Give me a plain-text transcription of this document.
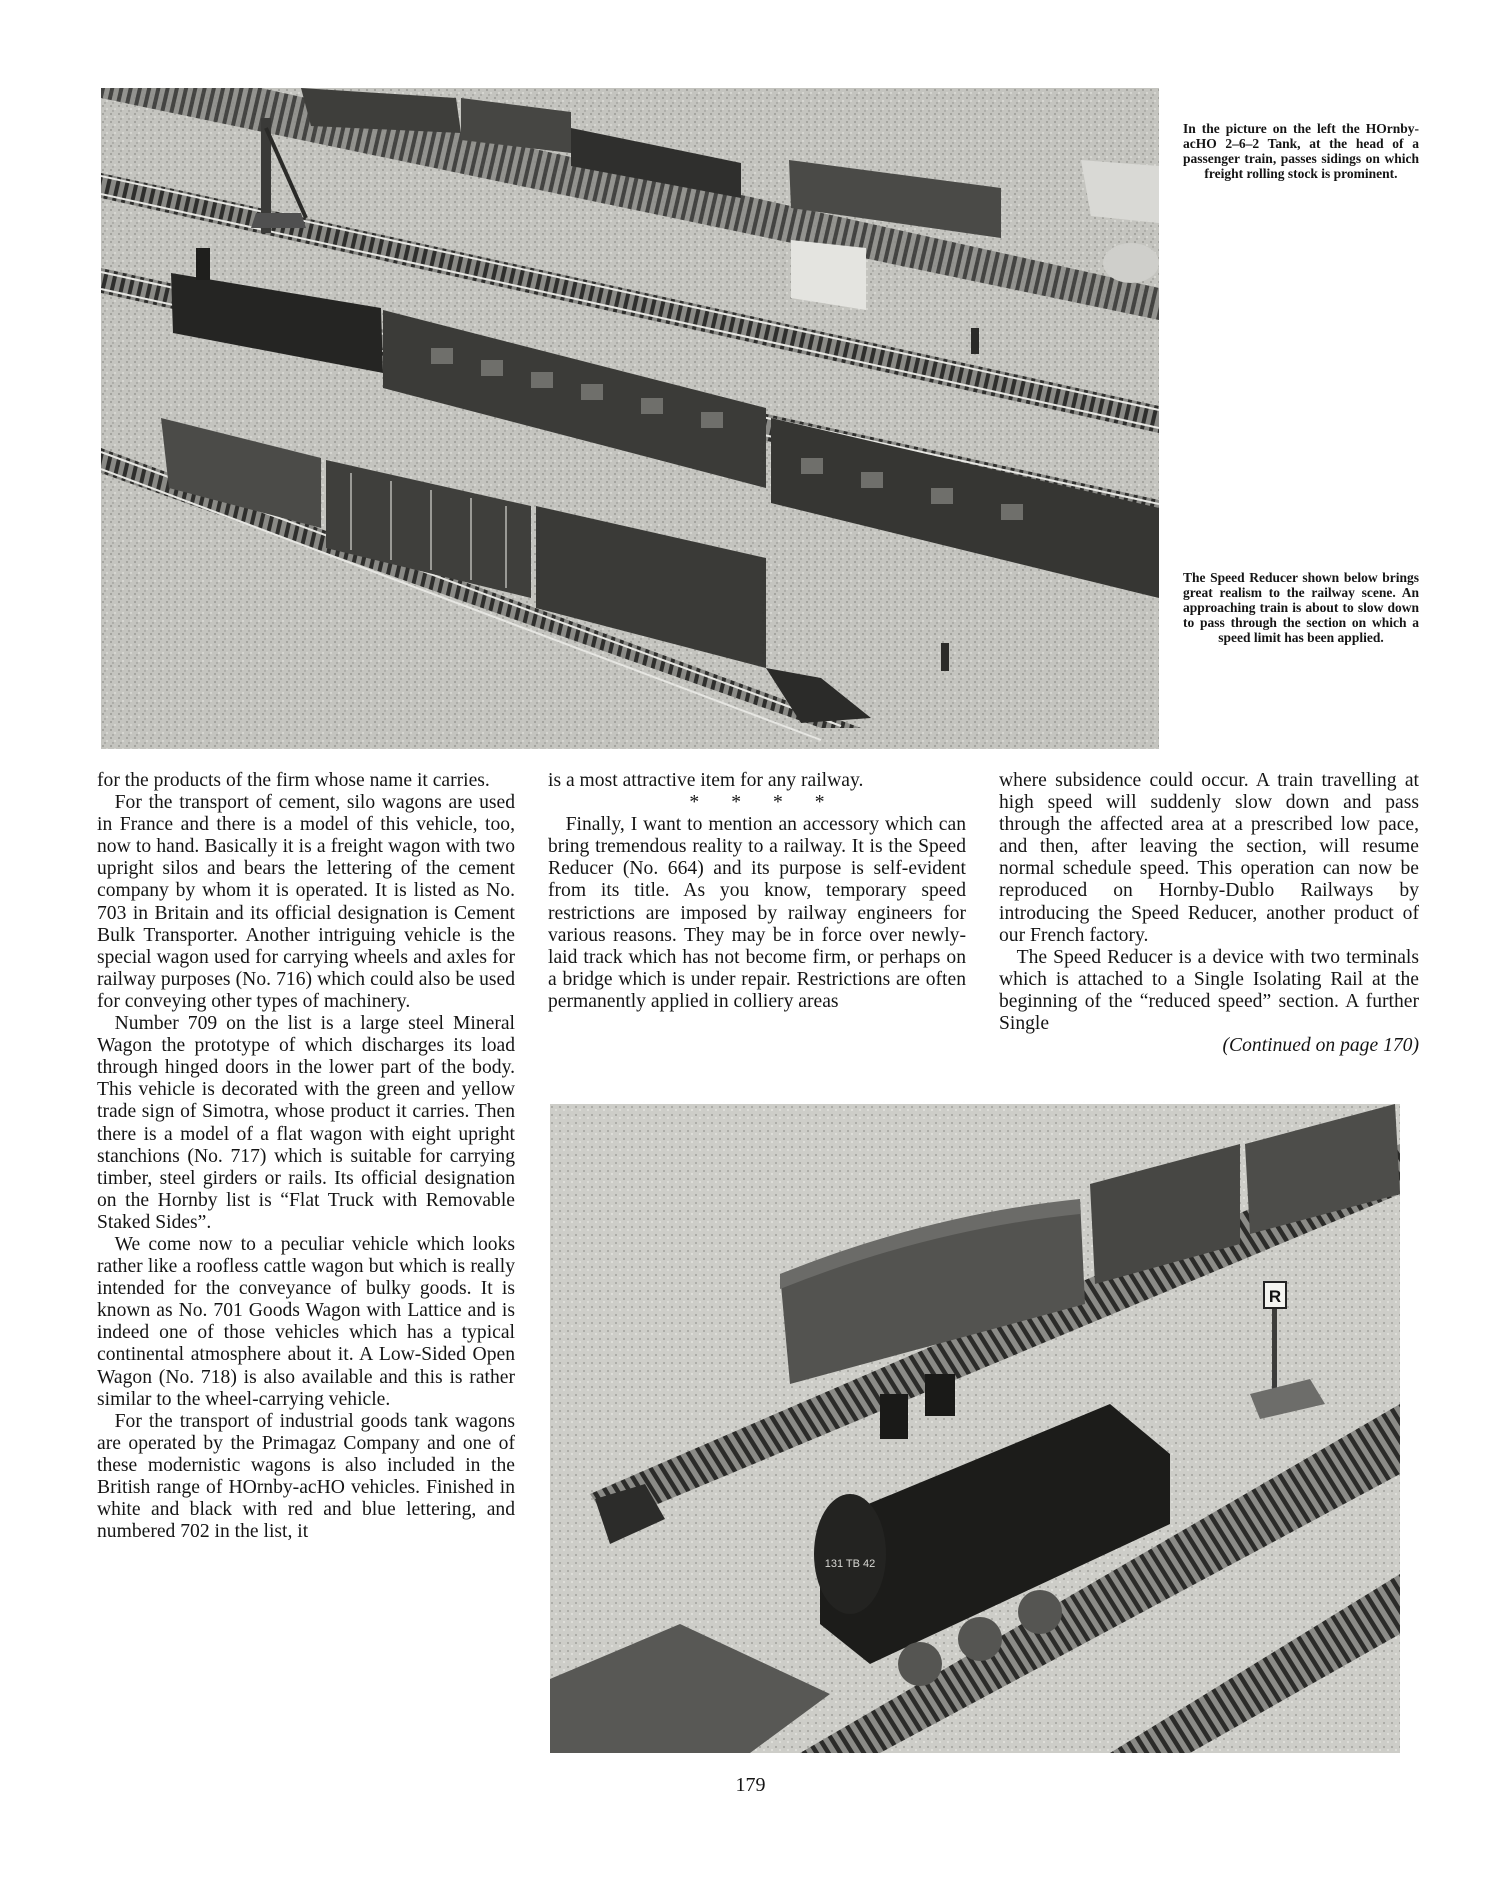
In the picture on the left the HOrnby-acHO 2–6–2 Tank, at the head of a passenger train, passes sidings on which freight rolling stock is prominent.
The Speed Reducer shown below brings great realism to the railway scene. An approaching train is about to slow down to pass through the section on which a speed limit has been applied.

for the products of the firm whose name it carries.

For the transport of cement, silo wagons are used in France and there is a model of this vehicle, too, now to hand. Basically it is a freight wagon with two upright silos and bears the lettering of the cement company by whom it is operated. It is listed as No. 703 in Britain and its official designation is Cement Bulk Transporter. Another intriguing vehicle is the special wagon used for carrying wheels and axles for railway purposes (No. 716) which could also be used for conveying other types of machinery.

Number 709 on the list is a large steel Mineral Wagon the prototype of which discharges its load through hinged doors in the lower part of the body. This vehicle is decorated with the green and yellow trade sign of Simotra, whose product it carries. Then there is a model of a flat wagon with eight upright stanchions (No. 717) which is suitable for carrying timber, steel girders or rails. Its official designation on the Hornby list is “Flat Truck with Removable Staked Sides”.

We come now to a peculiar vehicle which looks rather like a roofless cattle wagon but which is really intended for the conveyance of bulky goods. It is known as No. 701 Goods Wagon with Lattice and is indeed one of those vehicles which has a typical continental atmosphere about it. A Low-Sided Open Wagon (No. 718) is also available and this is rather similar to the wheel-carrying vehicle.

For the transport of industrial goods tank wagons are operated by the Primagaz Company and one of these modernistic wagons is also included in the British range of HOrnby-acHO vehicles. Finished in white and black with red and blue lettering, and numbered 702 in the list, it

is a most attractive item for any railway.

* * * *

Finally, I want to mention an accessory which can bring tremendous reality to a railway. It is the Speed Reducer (No. 664) and its purpose is self-evident from its title. As you know, temporary speed restrictions are imposed by railway engineers for various reasons. They may be in force over newly-laid track which has not become firm, or perhaps on a bridge which is under repair. Restrictions are often permanently applied in colliery areas

where subsidence could occur. A train travelling at high speed will suddenly slow down and pass through the affected area at a prescribed low pace, and then, after leaving the section, will resume normal schedule speed. This operation can now be reproduced on Hornby-Dublo Railways by introducing the Speed Reducer, another product of our French factory.

The Speed Reducer is a device with two terminals which is attached to a Single Isolating Rail at the beginning of the “reduced speed” section. A further Single

(Continued on page 170)

R
131 TB 42
179
